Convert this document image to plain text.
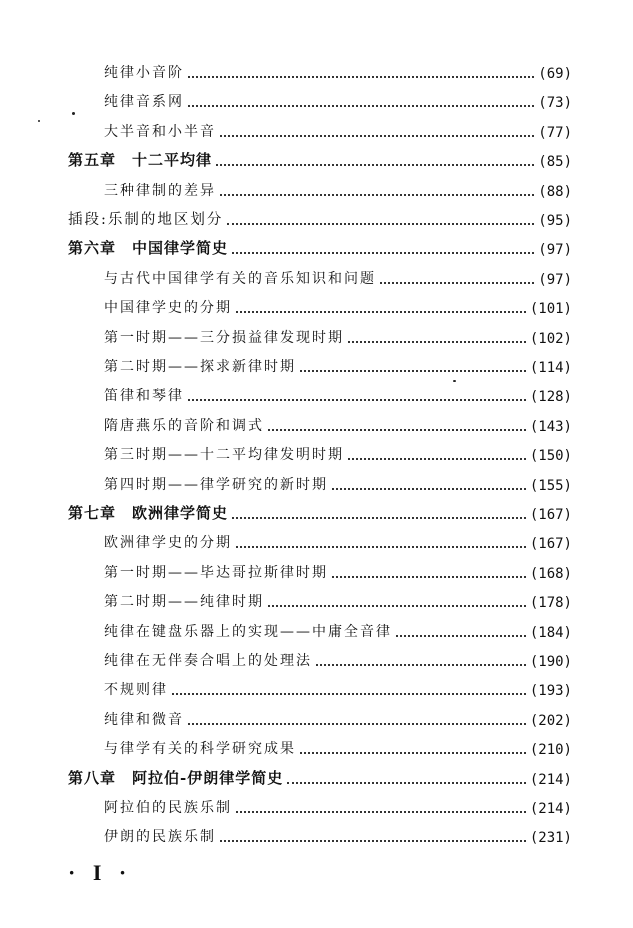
纯律小音阶	(69)
纯律音系网	(73)
大半音和小半音	(77)
第五章　十二平均律	(85)
三种律制的差异	(88)
插段:乐制的地区划分	(95)
第六章　中国律学简史	(97)
与古代中国律学有关的音乐知识和问题	(97)
中国律学史的分期	(101)
第一时期——三分损益律发现时期	(102)
第二时期——探求新律时期	(114)
笛律和琴律	(128)
隋唐燕乐的音阶和调式	(143)
第三时期——十二平均律发明时期	(150)
第四时期——律学研究的新时期	(155)
第七章　欧洲律学简史	(167)
欧洲律学史的分期	(167)
第一时期——毕达哥拉斯律时期	(168)
第二时期——纯律时期	(178)
纯律在键盘乐器上的实现——中庸全音律	(184)
纯律在无伴奏合唱上的处理法	(190)
不规则律	(193)
纯律和微音	(202)
与律学有关的科学研究成果	(210)
第八章　阿拉伯-伊朗律学简史	(214)
阿拉伯的民族乐制	(214)
伊朗的民族乐制	(231)
· I ·
